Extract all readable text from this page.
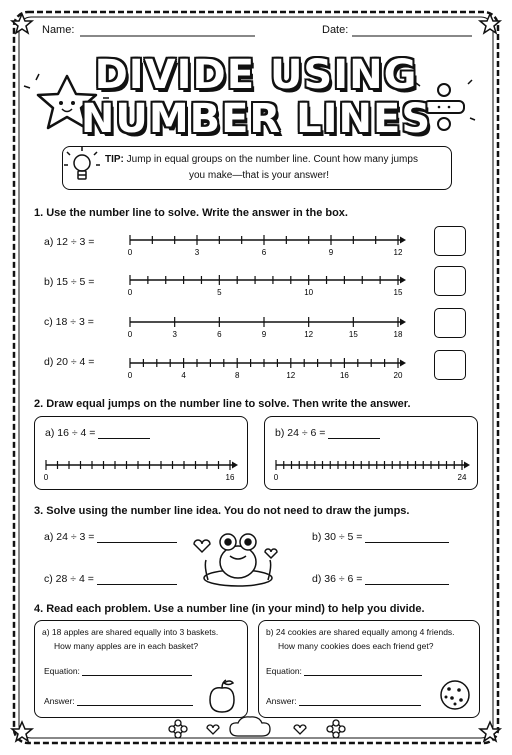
0	3	6	9	12
0	5	10	15
0	3	6	9	12	15	18
0	4	8	12	16	20
0	16	0	24
Name:	Date:
DIVIDE USING
NUMBER LINES
TIP: Jump in equal groups on the number line. Count how many jumps
you make—that is your answer!
1. Use the number line to solve. Write the answer in the box.
a) 12 ÷ 3 =
b) 15 ÷ 5 =
c) 18 ÷ 3 =
d) 20 ÷ 4 =
2. Draw equal jumps on the number line to solve. Then write the answer.
a) 16 ÷ 4 =	b) 24 ÷ 6 =
3. Solve using the number line idea. You do not need to draw the jumps.
a) 24 ÷ 3 =	b) 30 ÷ 5 =
c) 28 ÷ 4 =	d) 36 ÷ 6 =
4. Read each problem. Use a number line (in your mind) to help you divide.
a) 18 apples are shared equally into 3 baskets.
How many apples are in each basket?
Equation:
Answer:
b) 24 cookies are shared equally among 4 friends.
How many cookies does each friend get?
Equation:
Answer:
